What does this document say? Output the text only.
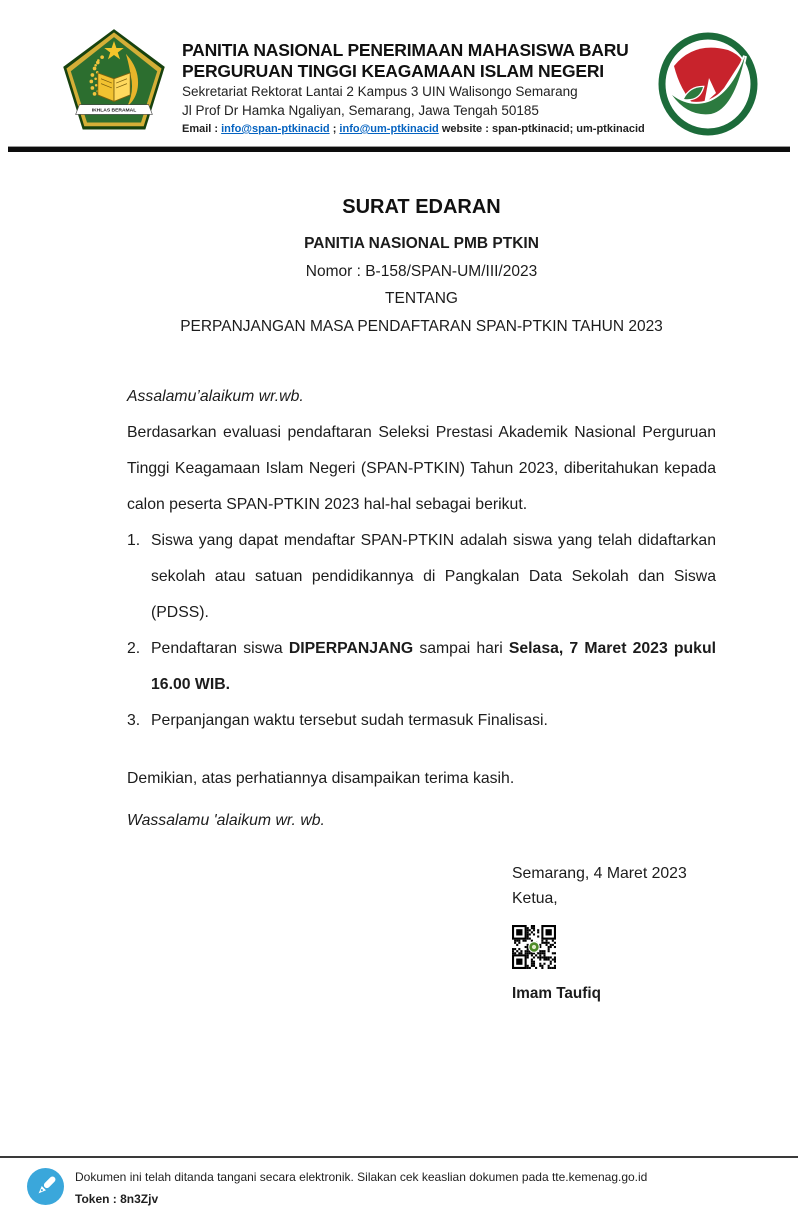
IKHLAS BERAMAL
PANITIA NASIONAL PENERIMAAN MAHASISWA BARU
PERGURUAN TINGGI KEAGAMAAN ISLAM NEGERI
Sekretariat Rektorat Lantai 2 Kampus 3 UIN Walisongo Semarang
Jl Prof Dr Hamka Ngaliyan, Semarang, Jawa Tengah 50185
Email : info@span-ptkinacid ; info@um-ptkinacid website : span-ptkinacid; um-ptkinacid
SURAT EDARAN
PANITIA NASIONAL PMB PTKIN
Nomor : B-158/SPAN-UM/III/2023
TENTANG
PERPANJANGAN MASA PENDAFTARAN SPAN-PTKIN TAHUN 2023

Assalamu’alaikum wr.wb.

Berdasarkan evaluasi pendaftaran Seleksi Prestasi Akademik Nasional Perguruan Tinggi Keagamaan Islam Negeri (SPAN-PTKIN) Tahun 2023, diberitahukan kepada calon peserta SPAN-PTKIN 2023 hal-hal sebagai berikut.

1. Siswa yang dapat mendaftar SPAN-PTKIN adalah siswa yang telah didaftarkan sekolah atau satuan pendidikannya di Pangkalan Data Sekolah dan Siswa (PDSS).
2. Pendaftaran siswa DIPERPANJANG sampai hari Selasa, 7 Maret 2023 pukul 16.00 WIB.
3. Perpanjangan waktu tersebut sudah termasuk Finalisasi.

Demikian, atas perhatiannya disampaikan terima kasih.

Wassalamu 'alaikum wr. wb.

Semarang, 4 Maret 2023
Ketua,
Imam Taufiq
Dokumen ini telah ditanda tangani secara elektronik. Silakan cek keaslian dokumen pada tte.kemenag.go.id
Token : 8n3Zjv
